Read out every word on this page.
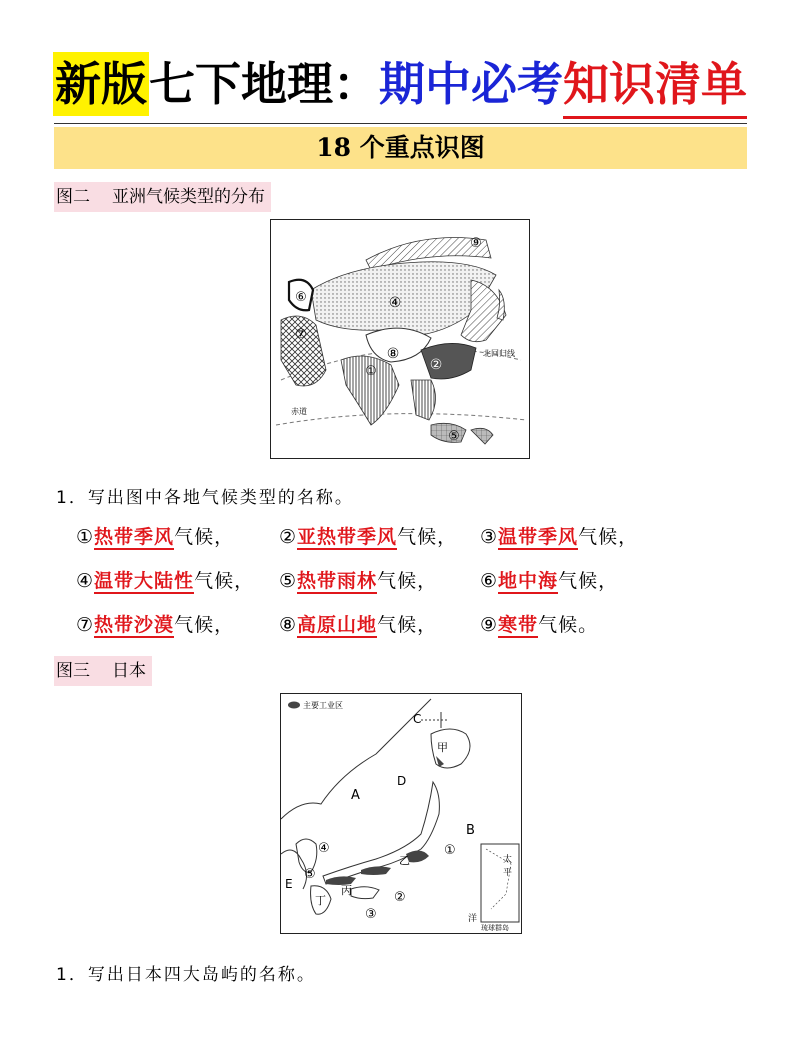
新版七下地理：期中必考知识清单
18 个重点识图
图二 亚洲气候类型的分布
④
⑨
⑥
⑦
⑧
②
①
⑤
北回归线
赤道
1．写出图中各地气候类型的名称。
①热带季风气候， ②亚热带季风气候， ③温带季风气候，
④温带大陆性气候， ⑤热带雨林气候， ⑥地中海气候，
⑦热带沙漠气候， ⑧高原山地气候， ⑨寒带气候。
图三 日本
主要工业区
C
甲
D
A
B
乙
丙
丁
E
①
②
③
④
⑤
太
平
洋
琉球群岛
1．写出日本四大岛屿的名称。
